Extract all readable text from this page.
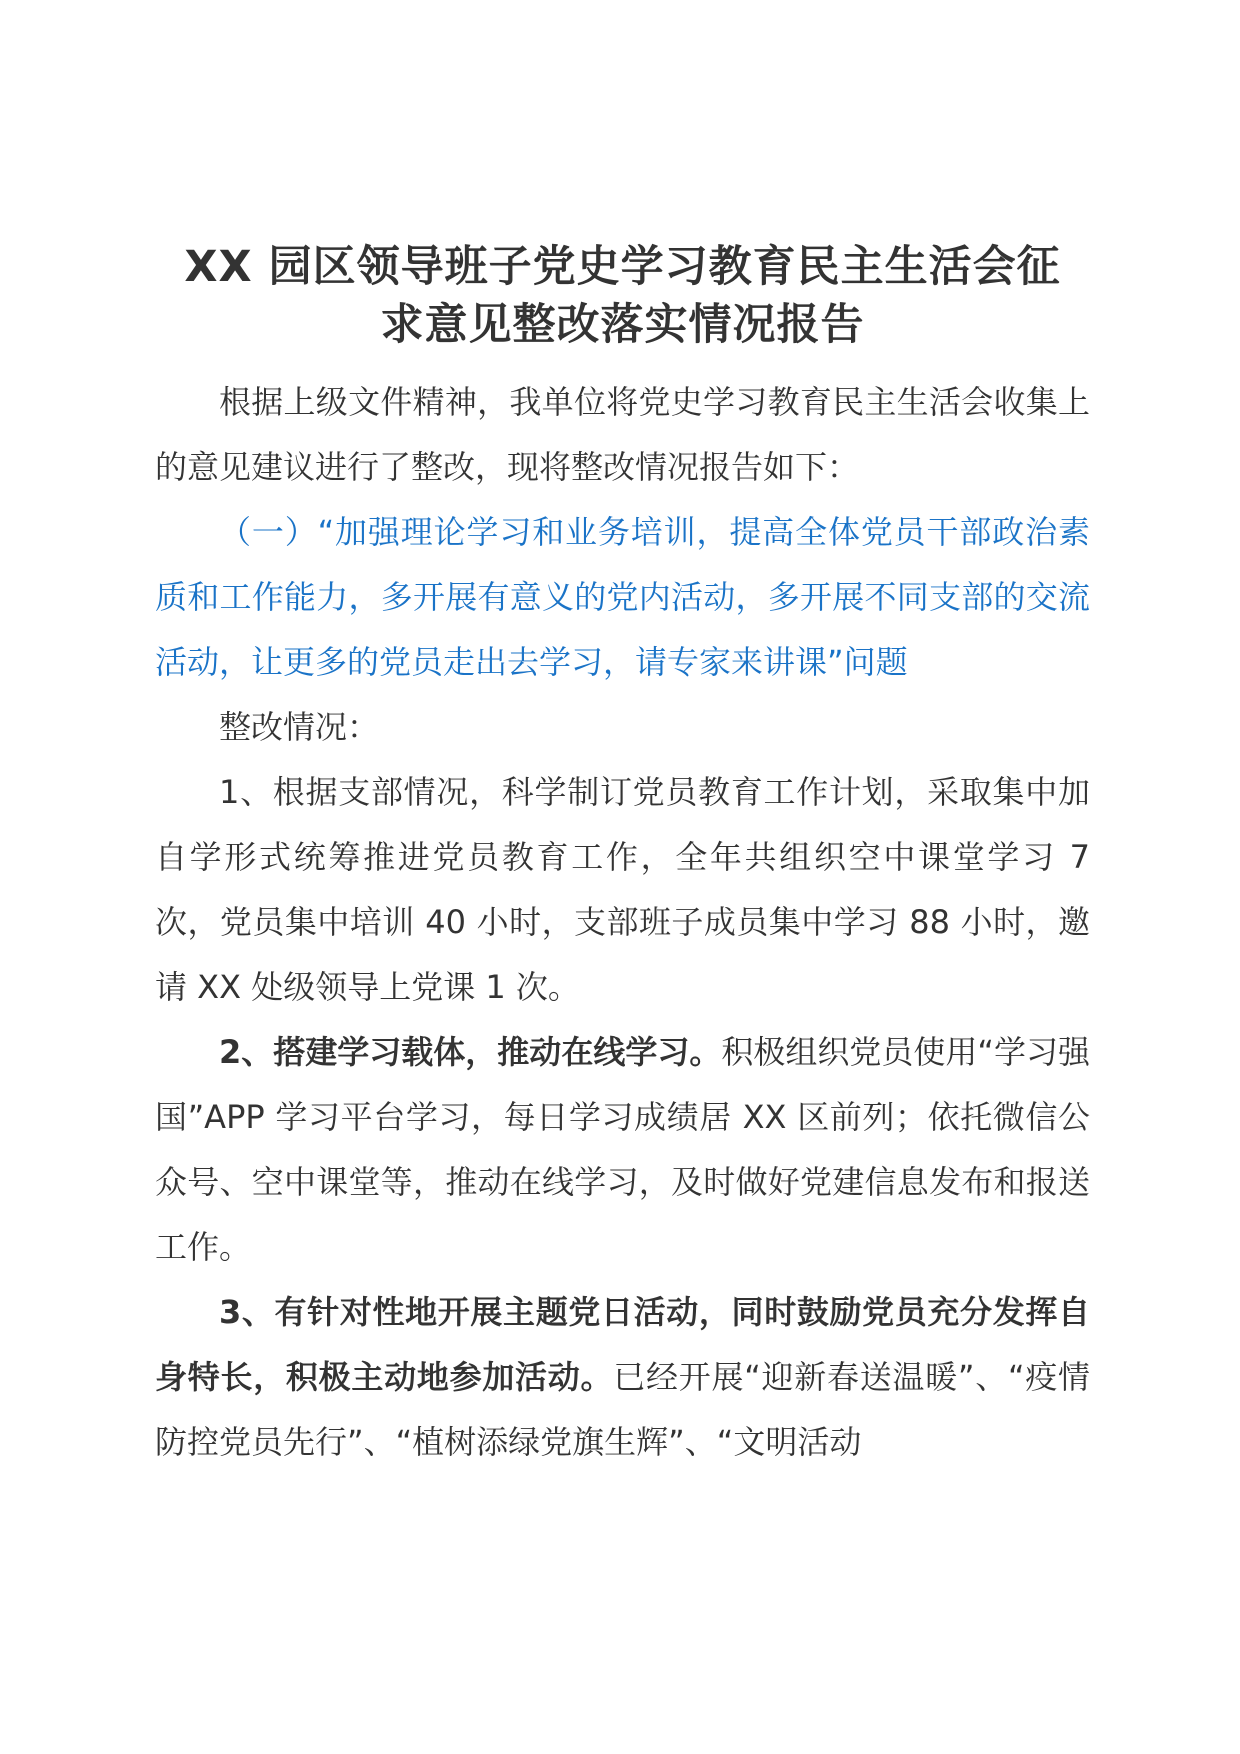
XX 园区领导班子党史学习教育民主生活会征
求意见整改落实情况报告

根据上级文件精神，我单位将党史学习教育民主生活会收集上的意见建议进行了整改，现将整改情况报告如下：

（一）“加强理论学习和业务培训，提高全体党员干部政治素质和工作能力，多开展有意义的党内活动，多开展不同支部的交流活动，让更多的党员走出去学习，请专家来讲课”问题

整改情况：

1、根据支部情况，科学制订党员教育工作计划，采取集中加自学形式统筹推进党员教育工作，全年共组织空中课堂学习 7 次，党员集中培训 40 小时，支部班子成员集中学习 88 小时，邀请 XX 处级领导上党课 1 次。

2、搭建学习载体，推动在线学习。积极组织党员使用“学习强国”APP 学习平台学习，每日学习成绩居 XX 区前列；依托微信公众号、空中课堂等，推动在线学习，及时做好党建信息发布和报送工作。

3、有针对性地开展主题党日活动，同时鼓励党员充分发挥自身特长，积极主动地参加活动。已经开展“迎新春送温暖”、“疫情防控党员先行”、“植树添绿党旗生辉”、“文明活动
